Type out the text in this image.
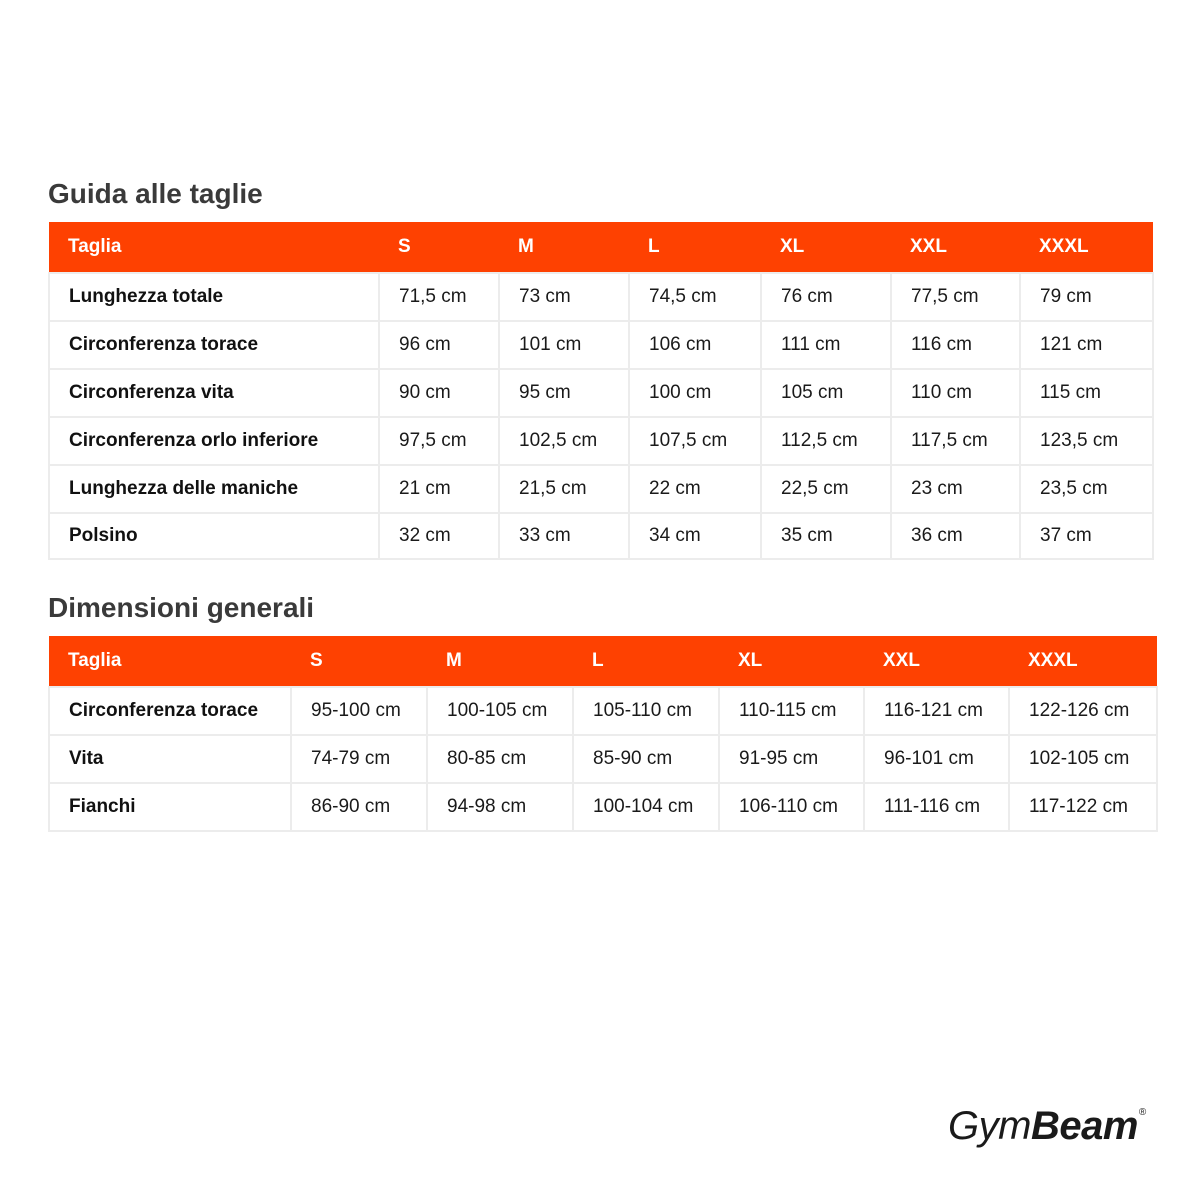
Guida alle taglie
Taglia	S	M	L	XL	XXL	XXXL
Lunghezza totale	71,5 cm	73 cm	74,5 cm	76 cm	77,5 cm	79 cm
Circonferenza torace	96 cm	101 cm	106 cm	111 cm	116 cm	121 cm
Circonferenza vita	90 cm	95 cm	100 cm	105 cm	110 cm	115 cm
Circonferenza orlo inferiore	97,5 cm	102,5 cm	107,5 cm	112,5 cm	117,5 cm	123,5 cm
Lunghezza delle maniche	21 cm	21,5 cm	22 cm	22,5 cm	23 cm	23,5 cm
Polsino	32 cm	33 cm	34 cm	35 cm	36 cm	37 cm
Dimensioni generali
Taglia	S	M	L	XL	XXL	XXXL
Circonferenza torace	95-100 cm	100-105 cm	105-110 cm	110-115 cm	116-121 cm	122-126 cm
Vita	74-79 cm	80-85 cm	85-90 cm	91-95 cm	96-101 cm	102-105 cm
Fianchi	86-90 cm	94-98 cm	100-104 cm	106-110 cm	111-116 cm	117-122 cm
GymBeam®
